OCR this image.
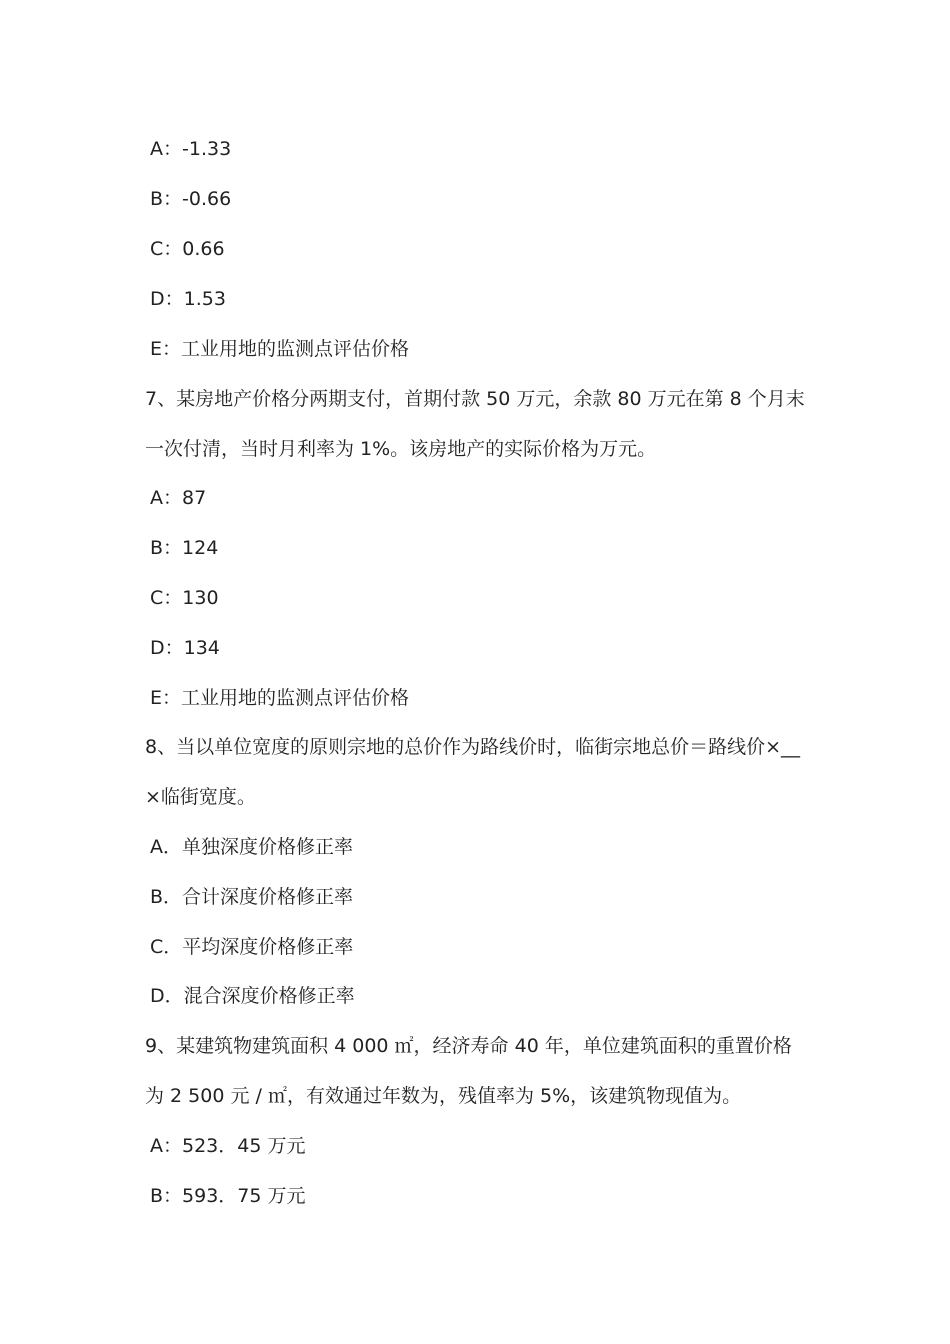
A：-1.33
B：-0.66
C：0.66
D：1.53
E：工业用地的监测点评估价格
7、某房地产价格分两期支付，首期付款 50 万元，余款 80 万元在第 8 个月末
一次付清，当时月利率为 1%。该房地产的实际价格为万元。
A：87
B：124
C：130
D：134
E：工业用地的监测点评估价格
8、当以单位宽度的原则宗地的总价作为路线价时，临街宗地总价＝路线价×__
×临街宽度。
A．单独深度价格修正率
B．合计深度价格修正率
C．平均深度价格修正率
D．混合深度价格修正率
9、某建筑物建筑面积 4 000 ㎡，经济寿命 40 年，单位建筑面积的重置价格
为 2 500 元 / ㎡，有效通过年数为，残值率为 5%，该建筑物现值为。
A：523．45 万元
B：593．75 万元
